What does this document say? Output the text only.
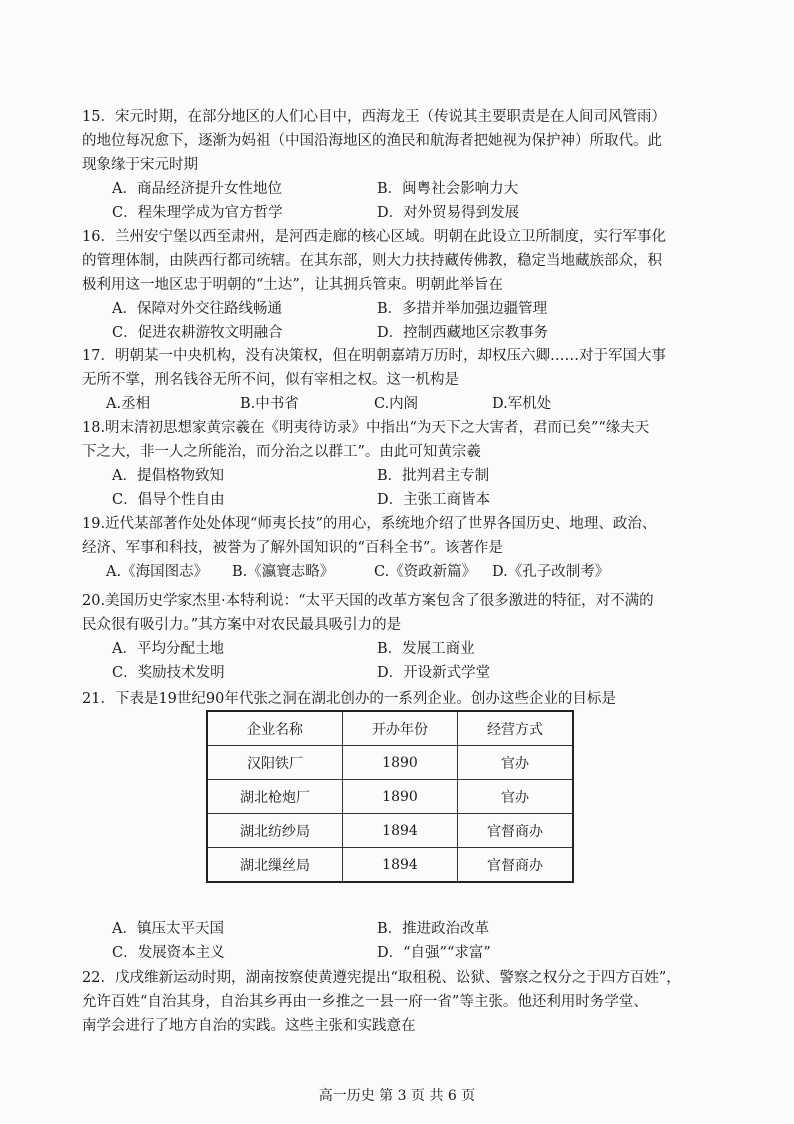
15．宋元时期，在部分地区的人们心目中，西海龙王（传说其主要职责是在人间司风管雨）

的地位每况愈下，逐渐为妈祖（中国沿海地区的渔民和航海者把她视为保护神）所取代。此

现象缘于宋元时期

A．商品经济提升女性地位	B．闽粤社会影响力大
C．程朱理学成为官方哲学	D．对外贸易得到发展

16．兰州安宁堡以西至肃州，是河西走廊的核心区域。明朝在此设立卫所制度，实行军事化

的管理体制，由陕西行都司统辖。在其东部，则大力扶持藏传佛教，稳定当地藏族部众，积

极利用这一地区忠于明朝的“土达”，让其拥兵管束。明朝此举旨在

A．保障对外交往路线畅通	B．多措并举加强边疆管理
C．促进农耕游牧文明融合	D．控制西藏地区宗教事务

17．明朝某一中央机构，没有决策权，但在明朝嘉靖万历时，却权压六卿……对于军国大事

无所不掌，刑名钱谷无所不问，似有宰相之权。这一机构是

A.丞相	B.中书省	C.内阁	D.军机处

18.明末清初思想家黄宗羲在《明夷待访录》中指出“为天下之大害者，君而已矣”“缘夫天

下之大，非一人之所能治，而分治之以群工”。由此可知黄宗羲

A．提倡格物致知	B．批判君主专制
C．倡导个性自由	D．主张工商皆本

19.近代某部著作处处体现“师夷长技”的用心，系统地介绍了世界各国历史、地理、政治、

经济、军事和科技，被誉为了解外国知识的“百科全书”。该著作是

A.《海国图志》 B.《瀛寰志略》	C.《资政新篇》 D.《孔子改制考》

20.美国历史学家杰里·本特利说：“太平天国的改革方案包含了很多激进的特征，对不满的

民众很有吸引力。”其方案中对农民最具吸引力的是

A．平均分配土地	B．发展工商业
C．奖励技术发明	D．开设新式学堂

21．下表是19世纪90年代张之洞在湖北创办的一系列企业。创办这些企业的目标是

企业名称	开办年份	经营方式
汉阳铁厂	1890	官办
湖北枪炮厂	1890	官办
湖北纺纱局	1894	官督商办
湖北缫丝局	1894	官督商办
A．镇压太平天国	B．推进政治改革
C．发展资本主义	D．“自强”“求富”

22．戊戌维新运动时期，湖南按察使黄遵宪提出“取租税、讼狱、警察之权分之于四方百姓”，

允许百姓“自治其身，自治其乡再由一乡推之一县一府一省”等主张。他还利用时务学堂、

南学会进行了地方自治的实践。这些主张和实践意在

高一历史 第 3 页 共 6 页
